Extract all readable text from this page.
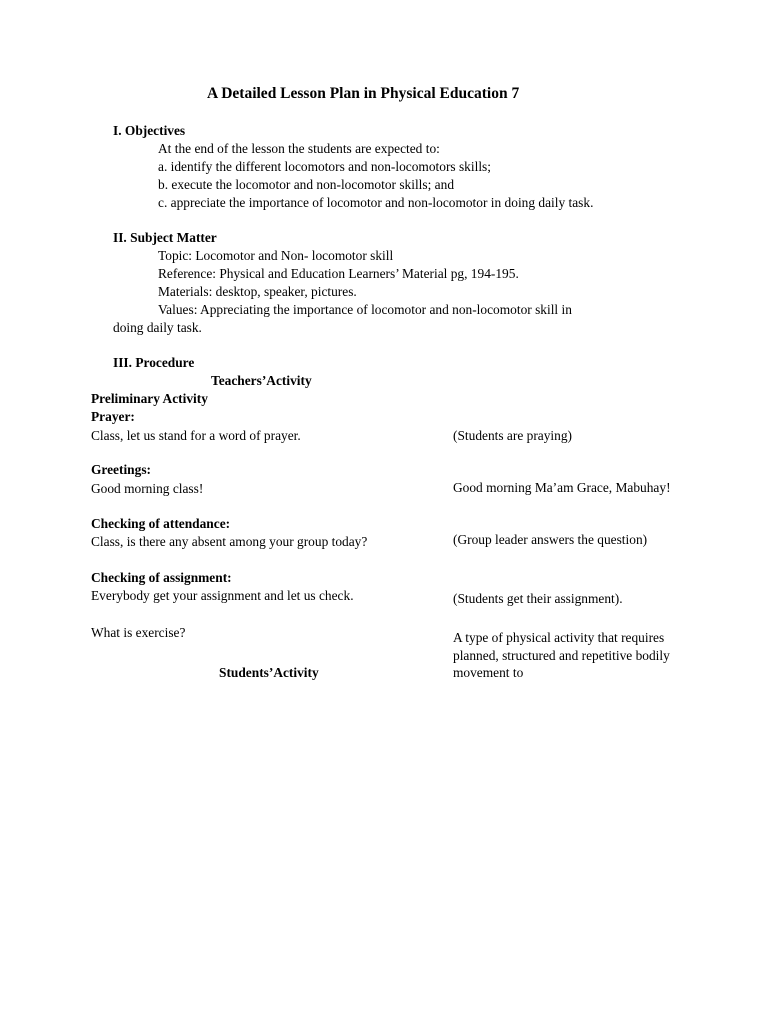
A Detailed Lesson Plan in Physical Education 7
I. Objectives
At the end of the lesson the students are expected to:
a. identify the different locomotors and non-locomotors skills;
b. execute the locomotor and non-locomotor skills; and
c. appreciate the importance of locomotor and non-locomotor in doing daily task.
II. Subject Matter
Topic: Locomotor and Non- locomotor skill
Reference: Physical and Education Learners’ Material pg, 194-195.
Materials: desktop, speaker, pictures.
Values: Appreciating the importance of locomotor and non-locomotor skill in
doing daily task.
III. Procedure
Teachers’Activity
Preliminary Activity
Prayer:
Class, let us stand for a word of prayer.	(Students are praying)
Greetings:
Good morning class!	Good morning Ma’am Grace, Mabuhay!
Checking of attendance:
Class, is there any absent among your group today?	(Group leader answers the question)
Checking of assignment:
Everybody get your assignment and let us check.	(Students get their assignment).
What is exercise?	A type of physical activity that requires
planned, structured and repetitive bodily
movement to
Students’Activity
